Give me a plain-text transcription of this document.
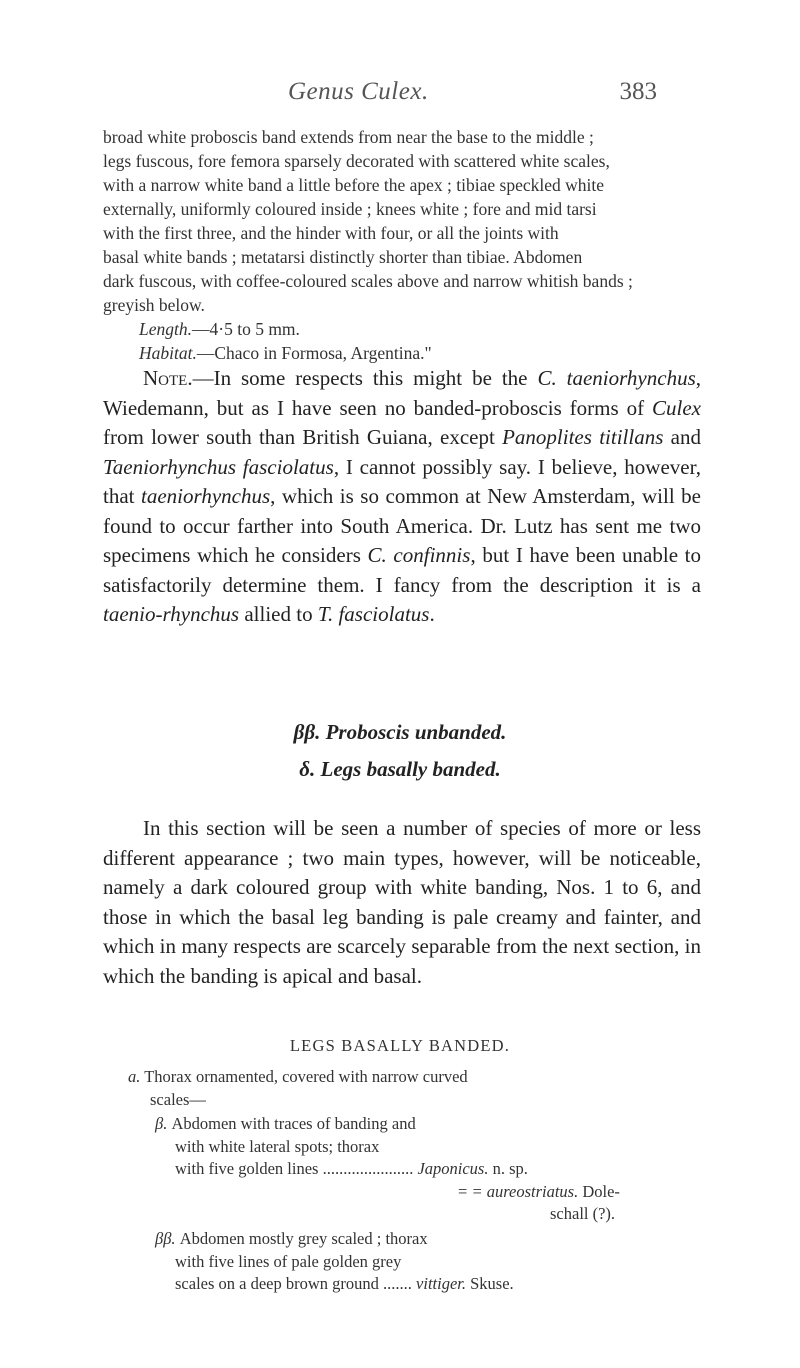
Genus Culex.	383
broad white proboscis band extends from near the base to the middle ;
legs fuscous, fore femora sparsely decorated with scattered white scales,
with a narrow white band a little before the apex ; tibiae speckled white
externally, uniformly coloured inside ; knees white ; fore and mid tarsi
with the first three, and the hinder with four, or all the joints with
basal white bands ; metatarsi distinctly shorter than tibiae. Abdomen
dark fuscous, with coffee-coloured scales above and narrow whitish bands ;
greyish below.
Length.—4·5 to 5 mm.
Habitat.—Chaco in Formosa, Argentina."

Note.—In some respects this might be the C. taeniorhynchus, Wiedemann, but as I have seen no banded-proboscis forms of Culex from lower south than British Guiana, except Panoplites titillans and Taeniorhynchus fasciolatus, I cannot possibly say. I believe, however, that taeniorhynchus, which is so common at New Amsterdam, will be found to occur farther into South America. Dr. Lutz has sent me two specimens which he considers C. confinnis, but I have been unable to satisfactorily determine them. I fancy from the description it is a taenio-rhynchus allied to T. fasciolatus.

ββ. Proboscis unbanded.
δ. Legs basally banded.

In this section will be seen a number of species of more or less different appearance ; two main types, however, will be noticeable, namely a dark coloured group with white banding, Nos. 1 to 6, and those in which the basal leg banding is pale creamy and fainter, and which in many respects are scarcely separable from the next section, in which the banding is apical and basal.

LEGS BASALLY BANDED.
a. Thorax ornamented, covered with narrow curved
scales—
β. Abdomen with traces of banding and
with white lateral spots; thorax
with five golden lines ...................... Japonicus. n. sp.
= = aureostriatus. Dole-
schall (?).
ββ. Abdomen mostly grey scaled ; thorax
with five lines of pale golden grey
scales on a deep brown ground ....... vittiger. Skuse.
